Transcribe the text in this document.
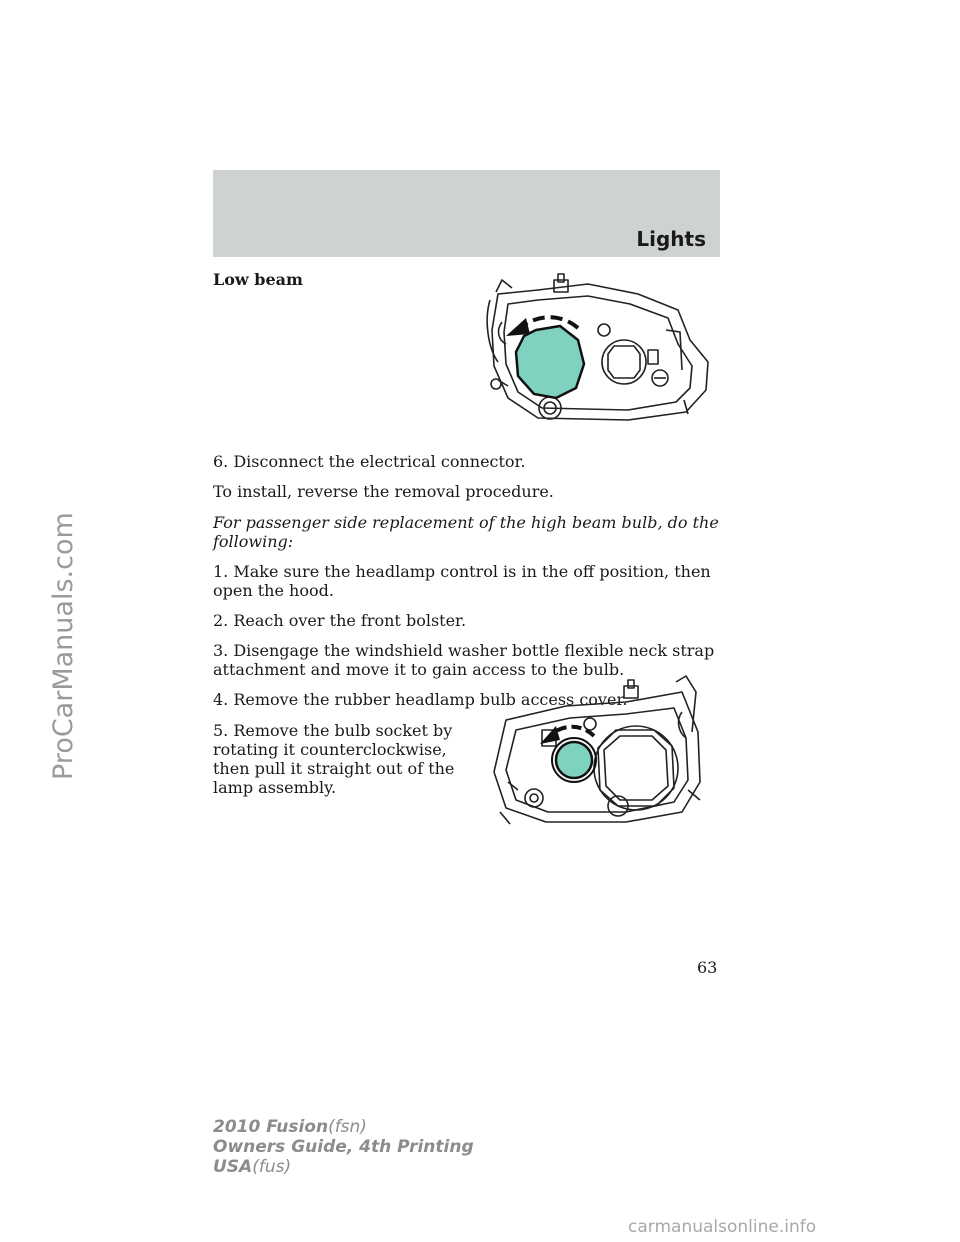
ProCarManuals.com
Lights

Low beam

6. Disconnect the electrical connector.

To install, reverse the removal procedure.

For passenger side replacement of the high beam bulb, do the following:

1. Make sure the headlamp control is in the off position, then open the hood.

2. Reach over the front bolster.

3. Disengage the windshield washer bottle flexible neck strap attachment and move it to gain access to the bulb.

4. Remove the rubber headlamp bulb access cover.

5. Remove the bulb socket by rotating it counterclockwise, then pull it straight out of the lamp assembly.

63
2010 Fusion(fsn)
Owners Guide, 4th Printing
USA(fus)
carmanualsonline.info
